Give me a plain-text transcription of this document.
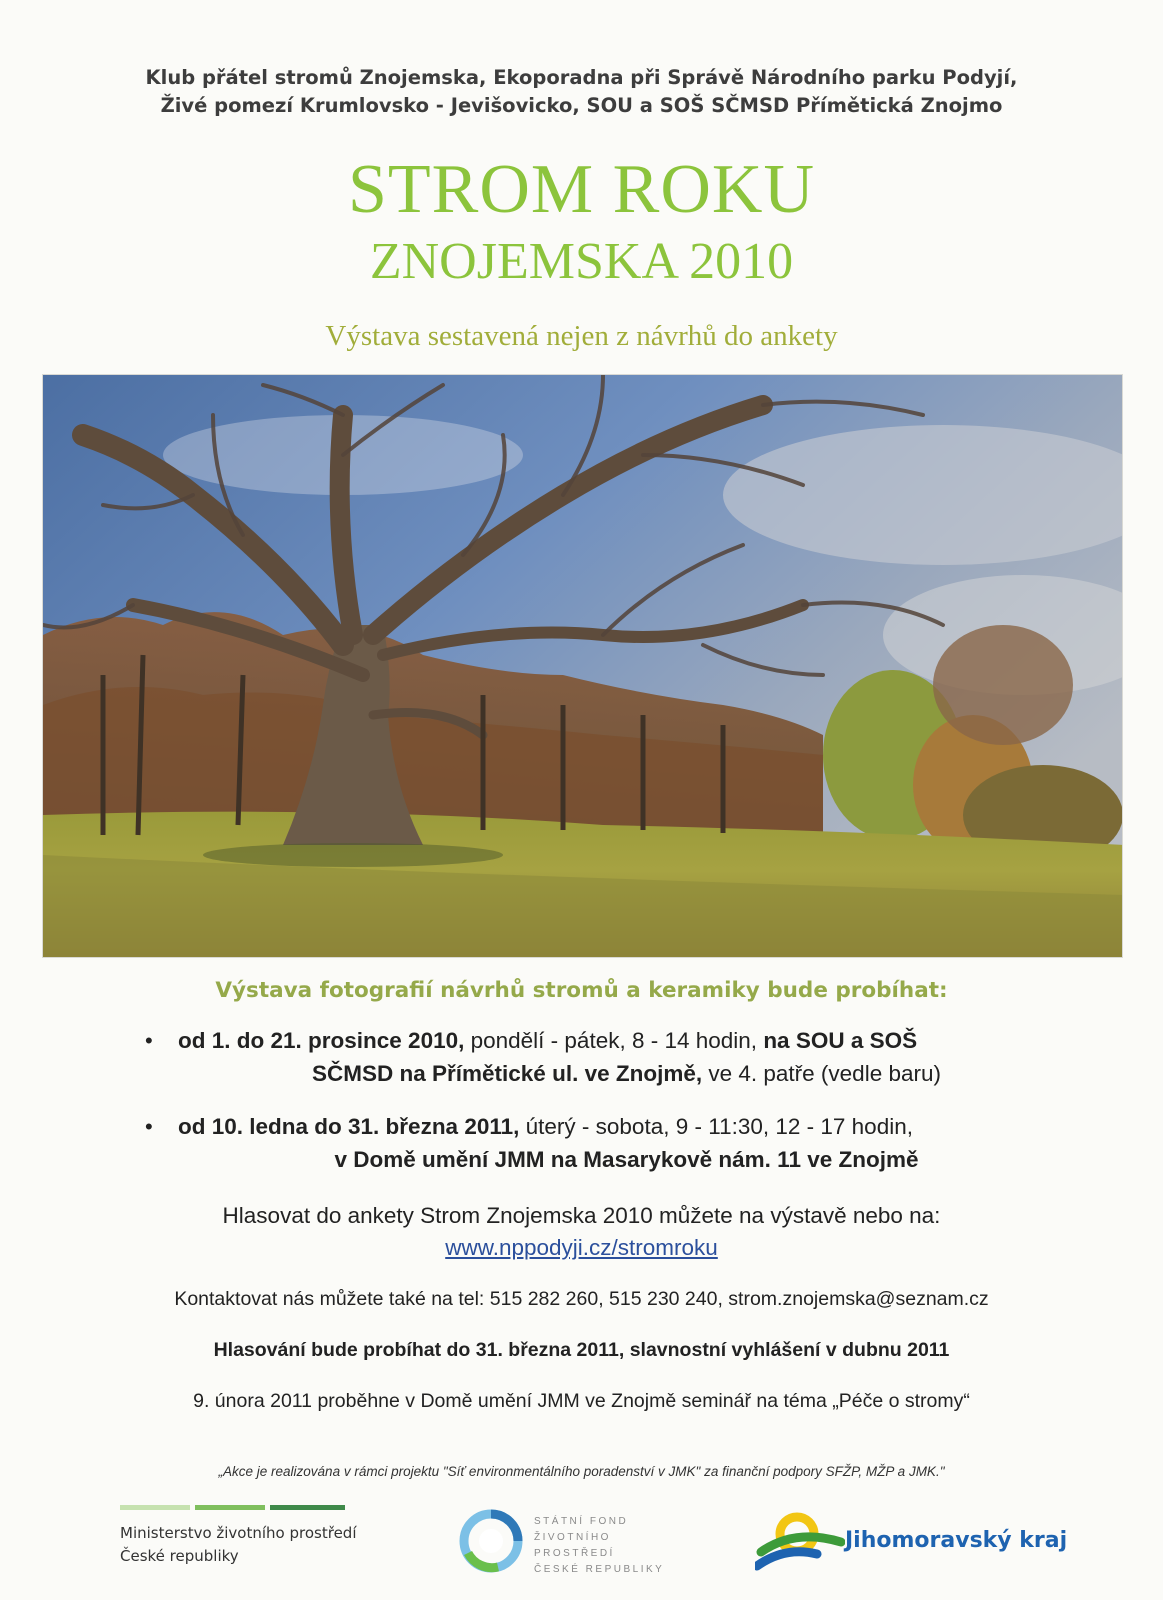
Klub přátel stromů Znojemska, Ekoporadna při Správě Národního parku Podyjí,
Živé pomezí Krumlovsko - Jevišovicko, SOU a SOŠ SČMSD Přímětická Znojmo
STROM ROKU
ZNOJEMSKA 2010
Výstava sestavená nejen z návrhů do ankety
Výstava fotografií návrhů stromů a keramiky bude probíhat:
• od 1. do 21. prosince 2010, pondělí - pátek, 8 - 14 hodin, na SOU a SOŠ
SČMSD na Přímětické ul. ve Znojmě, ve 4. patře (vedle baru)
• od 10. ledna do 31. března 2011, úterý - sobota, 9 - 11:30, 12 - 17 hodin,
v Domě umění JMM na Masarykově nám. 11 ve Znojmě
Hlasovat do ankety Strom Znojemska 2010 můžete na výstavě nebo na:
www.nppodyji.cz/stromroku
Kontaktovat nás můžete také na tel: 515 282 260, 515 230 240, strom.znojemska@seznam.cz
Hlasování bude probíhat do 31. března 2011, slavnostní vyhlášení v dubnu 2011
9. února 2011 proběhne v Domě umění JMM ve Znojmě seminář na téma „Péče o stromy“
„Akce je realizována v rámci projektu "Síť environmentálního poradenství v JMK" za finanční podpory SFŽP, MŽP a JMK."
Ministerstvo životního prostředí
České republiky
STÁTNÍ FOND
ŽIVOTNÍHO PROSTŘEDÍ
ČESKÉ REPUBLIKY
Jihomoravský kraj
